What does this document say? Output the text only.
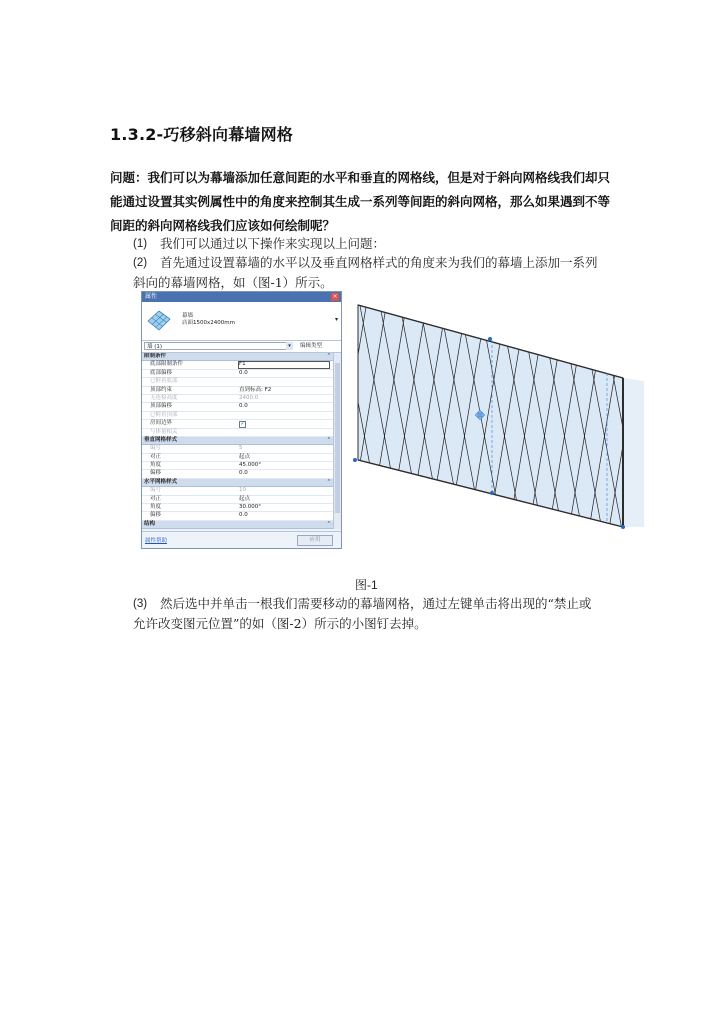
1.3.2-巧移斜向幕墙网格
问题：我们可以为幕墙添加任意间距的水平和垂直的网格线，但是对于斜向网格线我们却只能通过设置其实例属性中的角度来控制其生成一系列等间距的斜向网格，那么如果遇到不等间距的斜向网格线我们应该如何绘制呢？
(1) 我们可以通过以下操作来实现以上问题：
(2) 首先通过设置幕墙的水平以及垂直网格样式的角度来为我们的幕墙上添加一系列
斜向的幕墙网格，如（图-1）所示。
属性	×
幕墙
店面1500x2400mm	▾
墙 (1)	▾	编辑类型
限制条件	⌃
底部限制条件	F1
底部偏移	0.0
已附着底部
顶部约束	直到标高: F2
无连接高度	2400.0
顶部偏移	0.0
已附着顶部
房间边界	✓
与体量相关
垂直网格样式	⌃
编号	5
对正	起点
角度	45.000°
偏移	0.0
水平网格样式	⌃
编号	10
对正	起点
角度	30.000°
偏移	0.0
结构	⌃
属性帮助	应用
图-1
(3) 然后选中并单击一根我们需要移动的幕墙网格，通过左键单击将出现的“禁止或
允许改变图元位置”的如（图-2）所示的小图钉去掉。
